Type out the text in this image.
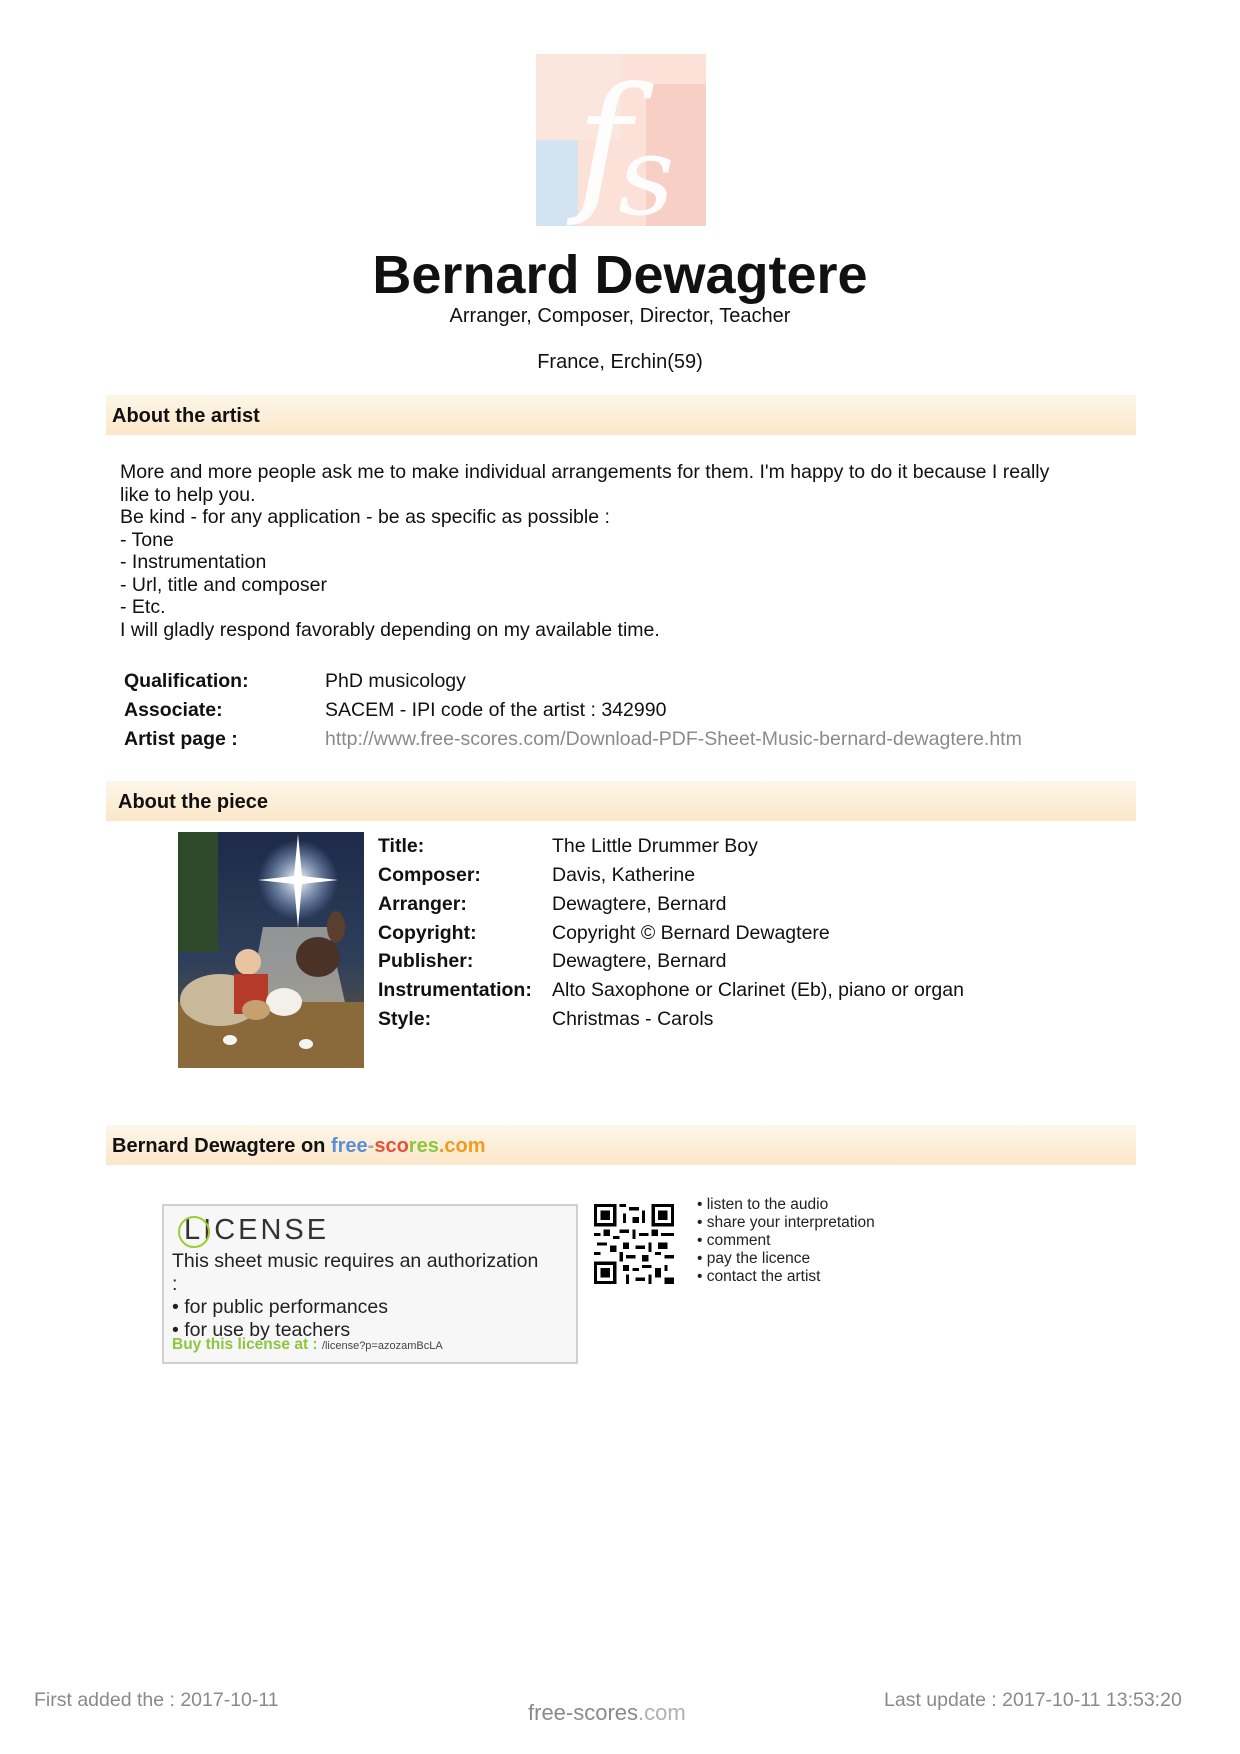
f
s
Bernard Dewagtere
Arranger, Composer, Director, Teacher
France, Erchin(59)
About the artist
More and more people ask me to make individual arrangements for them. I'm happy to do it because I really
like to help you.
Be kind - for any application - be as specific as possible :
- Tone
- Instrumentation
- Url, title and composer
- Etc.
I will gladly respond favorably depending on my available time.
Qualification:	PhD musicology
Associate:	SACEM - IPI code of the artist : 342990
Artist page :	http://www.free-scores.com/Download-PDF-Sheet-Music-bernard-dewagtere.htm
About the piece
Title:	The Little Drummer Boy
Composer:	Davis, Katherine
Arranger:	Dewagtere, Bernard
Copyright:	Copyright © Bernard Dewagtere
Publisher:	Dewagtere, Bernard
Instrumentation: Alto Saxophone or Clarinet (Eb), piano or organ
Style:	Christmas - Carols
Bernard Dewagtere on free-scores.com
LICENSE
This sheet music requires an authorization
:
• for public performances
• for use by teachers
Buy this license at : /license?p=azozamBcLA
• listen to the audio
• share your interpretation
• comment
• pay the licence
• contact the artist
First added the : 2017-10-11	Last update : 2017-10-11 13:53:20
free-scores.com
